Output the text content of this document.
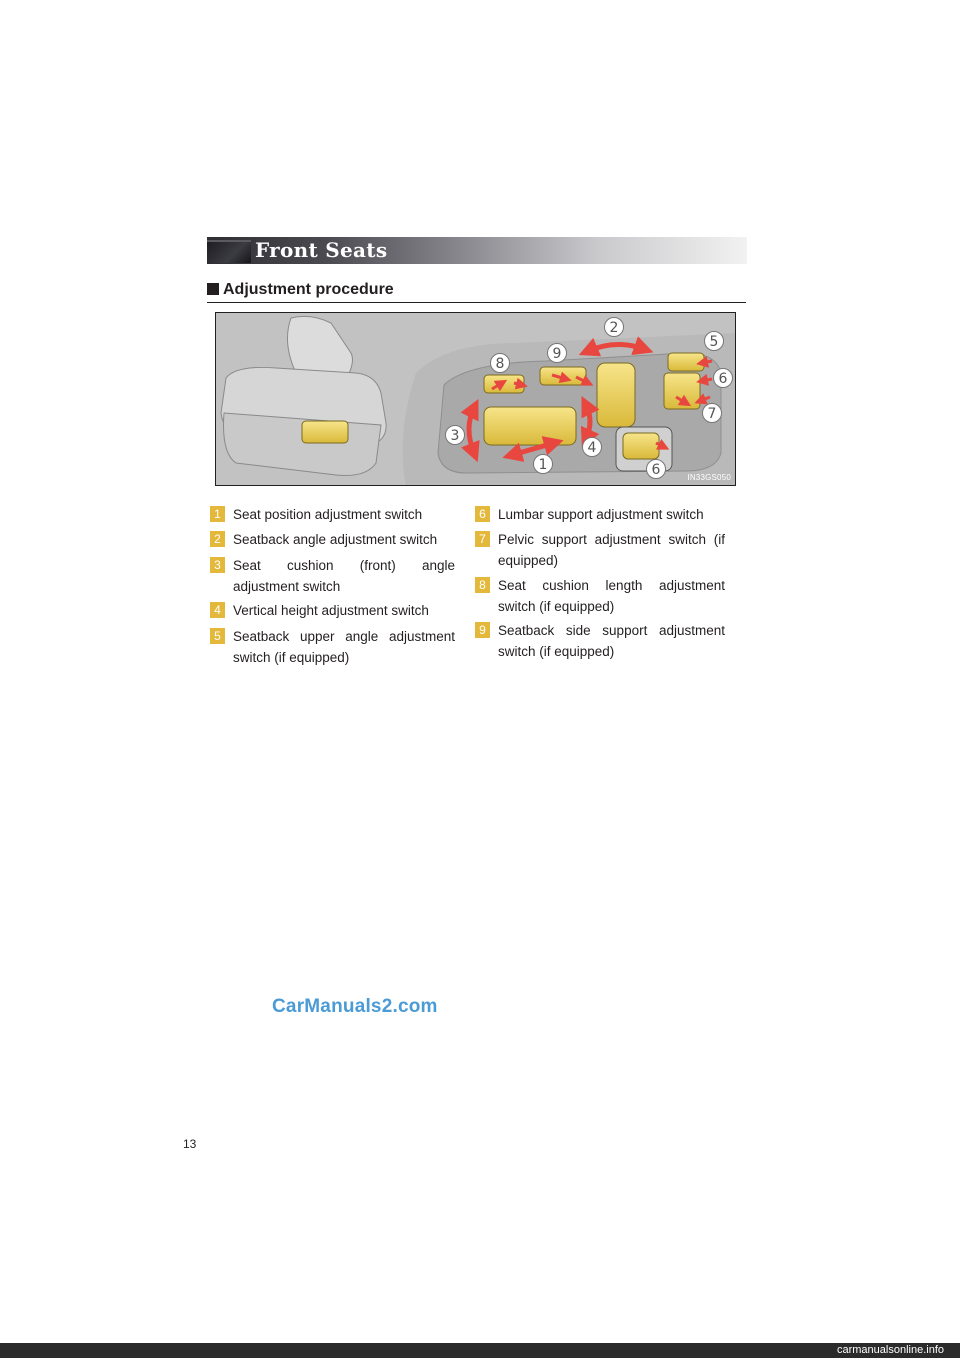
Front Seats
Adjustment procedure
1
2
3
4
5
6
7
8
9
6	IN33GS050
1 Seat position adjustment switch
2 Seatback angle adjustment switch
3 Seat cushion (front) angle adjustment switch
4 Vertical height adjustment switch
5 Seatback upper angle adjustment switch (if equipped)
6 Lumbar support adjustment switch
7 Pelvic support adjustment switch (if equipped)
8 Seat cushion length adjustment switch (if equipped)
9 Seatback side support adjustment switch (if equipped)
CarManuals2.com
13
carmanualsonline.info
